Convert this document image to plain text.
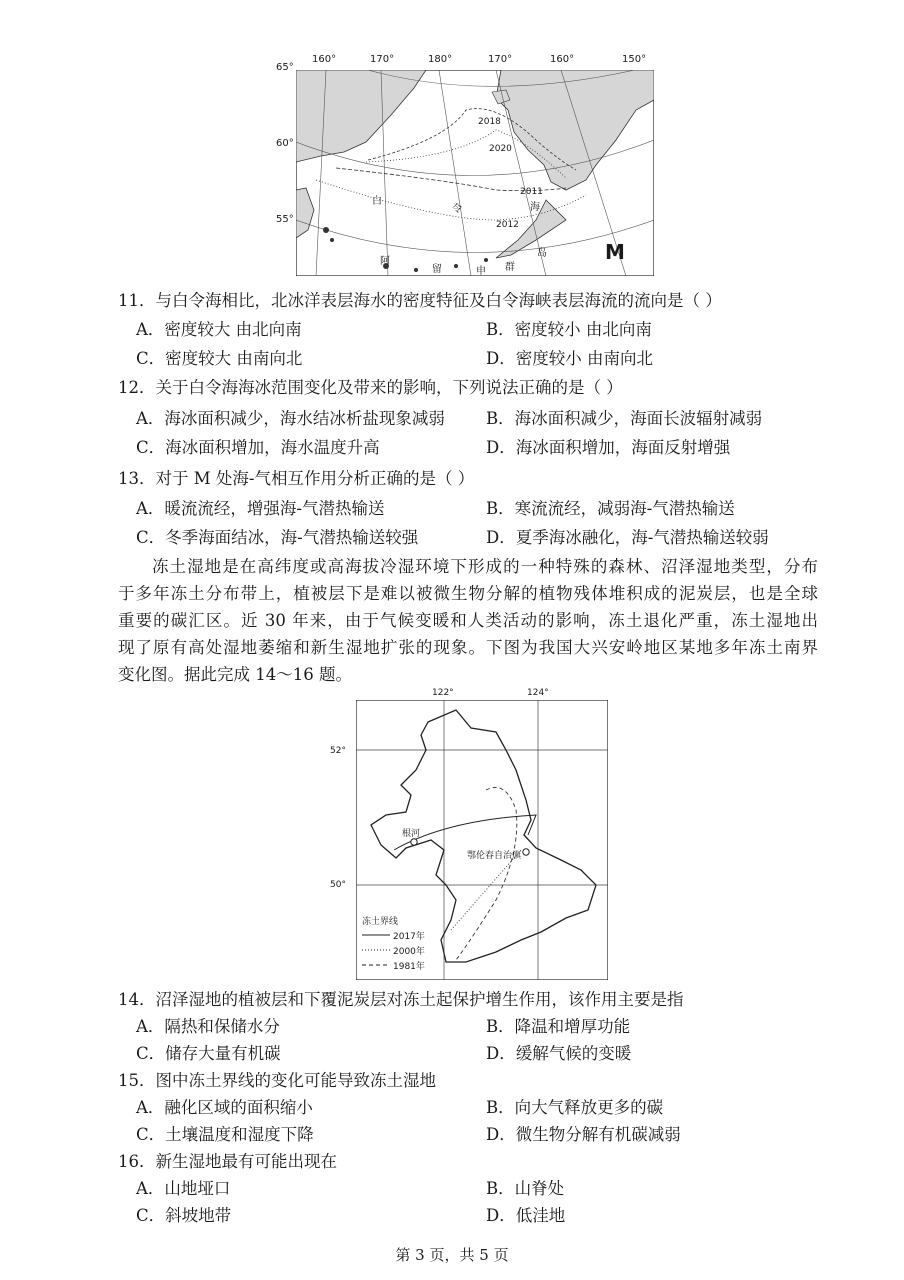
160°	170°	180°	170°	160°	150°
65°
60°
55°
2018
2020
2011
2012
白
令	海
阿
留	申 群
岛	M
11．与白令海相比，北冰洋表层海水的密度特征及白令海峡表层海流的流向是（ ）
A．密度较大 由北向南	B．密度较小 由北向南
C．密度较大 由南向北	D．密度较小 由南向北
12．关于白令海海冰范围变化及带来的影响，下列说法正确的是（ ）
A．海冰面积减少，海水结冰析盐现象减弱 B．海冰面积减少，海面长波辐射减弱
C．海冰面积增加，海水温度升高	D．海冰面积增加，海面反射增强
13．对于 M 处海-气相互作用分析正确的是（ ）
A．暖流流经，增强海-气潜热输送	B．寒流流经，减弱海-气潜热输送
C．冬季海面结冰，海-气潜热输送较强	D．夏季海冰融化，海-气潜热输送较弱
冻土湿地是在高纬度或高海拔冷湿环境下形成的一种特殊的森林、沼泽湿地类型，分布
于多年冻土分布带上，植被层下是难以被微生物分解的植物残体堆积成的泥炭层，也是全球
重要的碳汇区。近 30 年来，由于气候变暖和人类活动的影响，冻土退化严重，冻土湿地出
现了原有高处湿地萎缩和新生湿地扩张的现象。下图为我国大兴安岭地区某地多年冻土南界
变化图。据此完成 14～16 题。
122°	124°
52°
50°
根河
鄂伦春自治旗
冻土界线
2017年
2000年
1981年
14．沼泽湿地的植被层和下覆泥炭层对冻土起保护增生作用，该作用主要是指
A．隔热和保储水分	B．降温和增厚功能
C．储存大量有机碳	D．缓解气候的变暖
15．图中冻土界线的变化可能导致冻土湿地
A．融化区域的面积缩小	B．向大气释放更多的碳
C．土壤温度和湿度下降	D．微生物分解有机碳减弱
16．新生湿地最有可能出现在
A．山地垭口	B．山脊处
C．斜坡地带	D．低洼地
第 3 页，共 5 页
